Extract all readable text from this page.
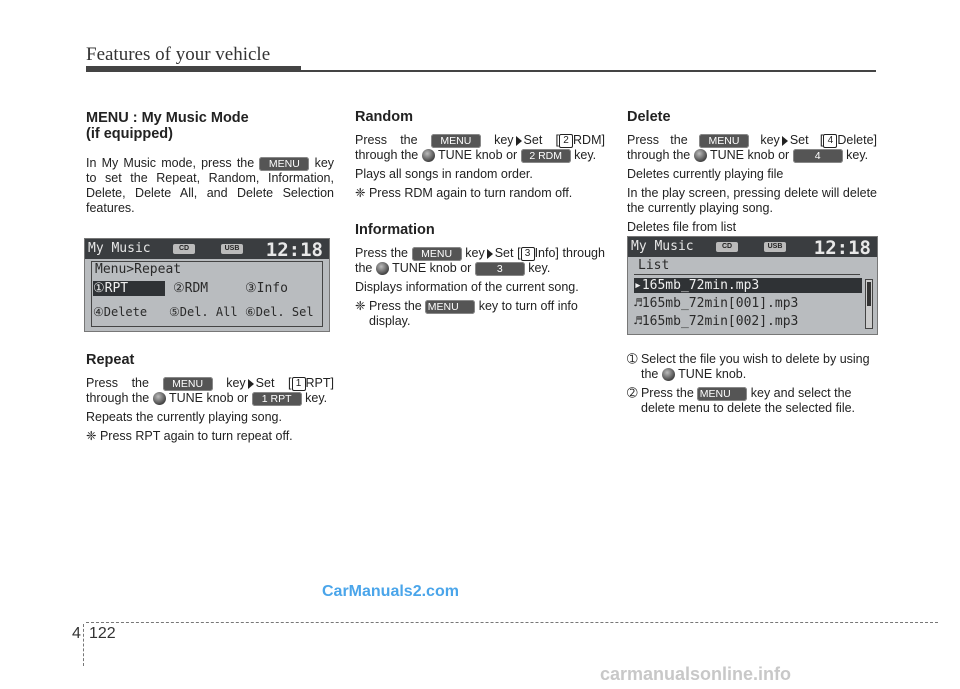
Features of your vehicle
MENU : My Music Mode
(if equipped)

In My Music mode, press the MENU key to set the Repeat, Random, Information, Delete, Delete All, and Delete Selection features.

My Music	CD	USB 12:18
Menu>Repeat
①RPT	②RDM	③Info
④Delete ⑤Del. All ⑥Del. Sel
Repeat

Press the MENU key Set [ 1 RPT] through the TUNE knob or 1 RPT key.

Repeats the currently playing song.

❈ Press RPT again to turn repeat off.

Random

Press the MENU key Set [ 2 RDM] through the TUNE knob or 2 RDM key.

Plays all songs in random order.

❈ Press RDM again to turn random off.

Information

Press the MENU key Set [ 3 Info] through the TUNE knob or 3 key.

Displays information of the current song.

❈ Press the MENU key to turn off info display.

Delete

Press the MENU key Set [ 4 Delete] through the TUNE knob or 4 key.

Deletes currently playing file

In the play screen, pressing delete will delete the currently playing song.

Deletes file from list

My Music	CD	USB 12:18
List
▸165mb_72min.mp3
♬165mb_72min[001].mp3
♬165mb_72min[002].mp3

➀ Select the file you wish to delete by using the TUNE knob.

➁ Press the MENU key and select the delete menu to delete the selected file.

CarManuals2.com
4 122
carmanualsonline.info
